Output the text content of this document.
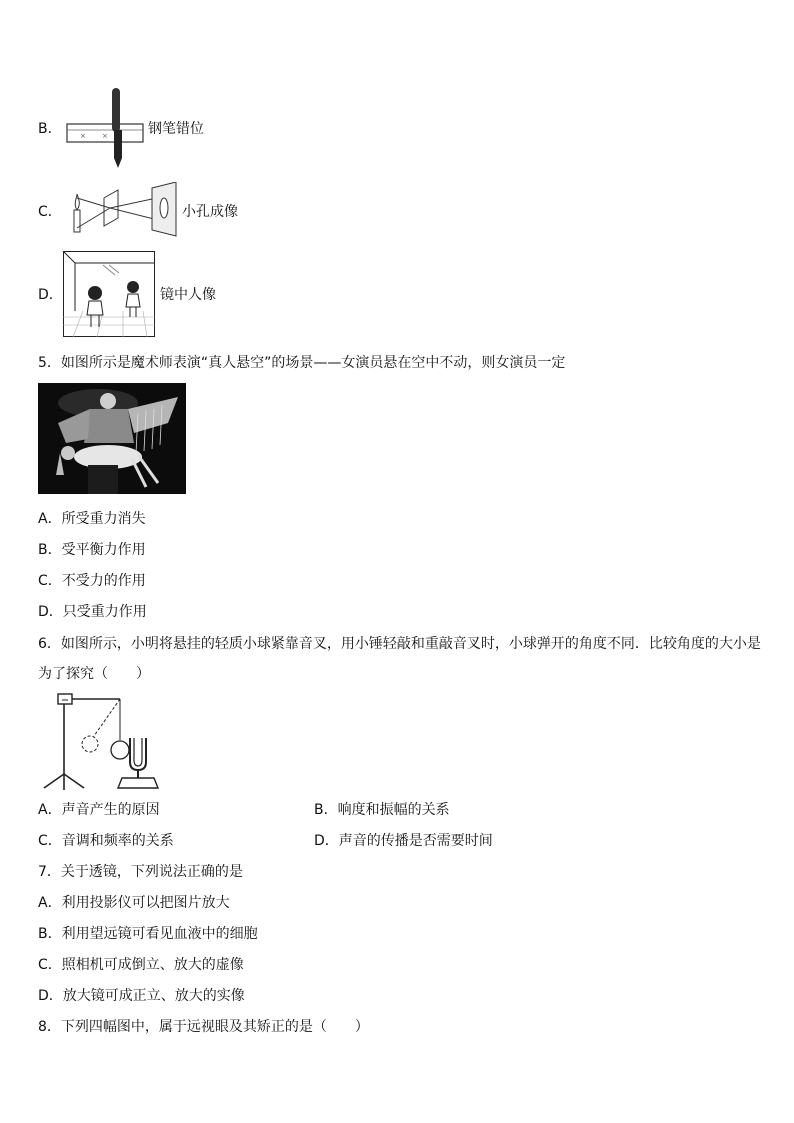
B．	× ×	钢笔错位
C．	小孔成像
D．	镜中人像
5．如图所示是魔术师表演“真人悬空”的场景——女演员悬在空中不动，则女演员一定
A．所受重力消失
B．受平衡力作用
C．不受力的作用
D．只受重力作用
6．如图所示，小明将悬挂的轻质小球紧靠音叉，用小锤轻敲和重敲音叉时，小球弹开的角度不同．比较角度的大小是
为了探究（　　）
A．声音产生的原因	B．响度和振幅的关系
C．音调和频率的关系	D．声音的传播是否需要时间
7．关于透镜，下列说法正确的是
A．利用投影仪可以把图片放大
B．利用望远镜可看见血液中的细胞
C．照相机可成倒立、放大的虚像
D．放大镜可成正立、放大的实像
8．下列四幅图中，属于远视眼及其矫正的是（　　）
